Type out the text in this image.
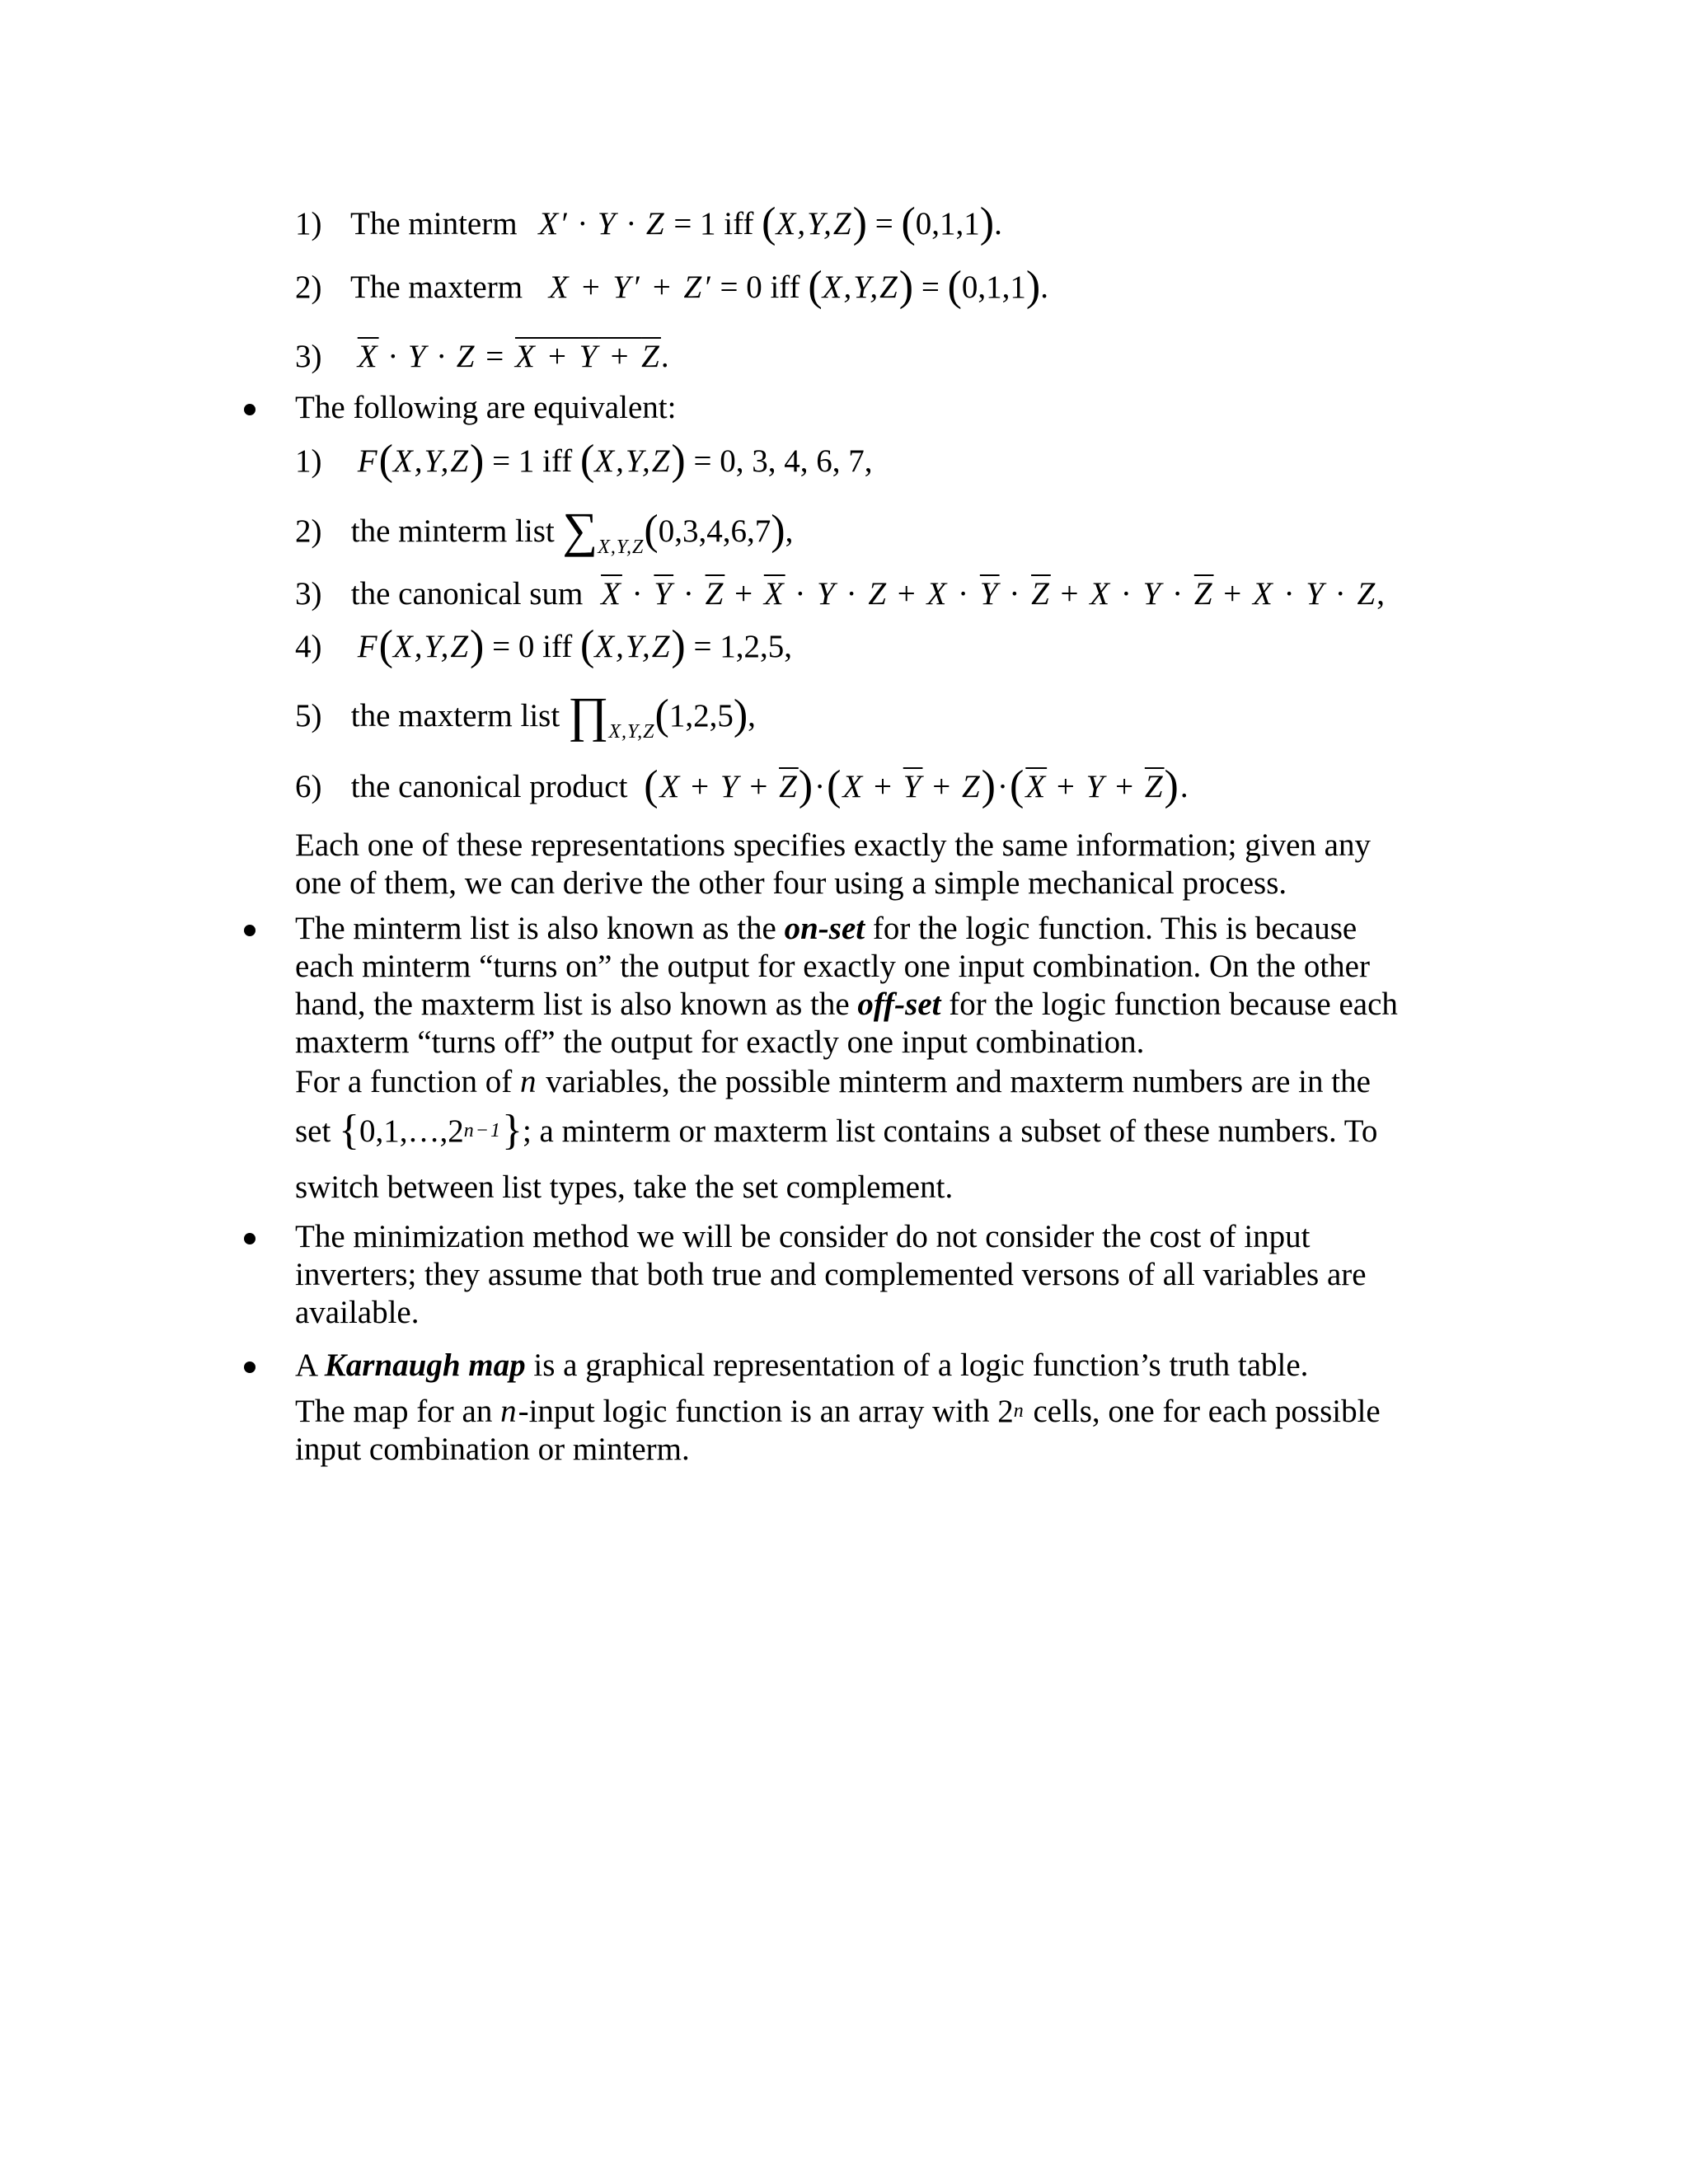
1) The minterm X′ · Y · Z = 1 iff (X,Y,Z) = (0,1,1).
2) The maxterm X + Y′ + Z′ = 0 iff (X,Y,Z) = (0,1,1).
3) $\overline{X} \cdot Y \cdot Z = X + Y + Z$.
The following are equivalent:
1) F(X,Y,Z) = 1 iff (X,Y,Z) = 0, 3, 4, 6, 7,
2) the minterm list $\sum_{X,Y,Z}(0,3,4,6,7)$,
3) the canonical sum $\overline{X} \cdot \overline{Y} \cdot \overline{Z} + \overline{X} \cdot Y \cdot Z + X \cdot \overline{Y} \cdot \overline{Z} + X \cdot Y \cdot \overline{Z} + X \cdot Y \cdot Z$,
4) F(X,Y,Z) = 0 iff (X,Y,Z) = 1,2,5,
5) the maxterm list $\prod_{X,Y,Z}(1,2,5)$,
6) the canonical product $(X + Y + \overline{Z})\cdot(X + \overline{Y} + Z)\cdot(\overline{X} + Y + \overline{Z})$.
Each one of these representations specifies exactly the same information; given any
one of them, we can derive the other four using a simple mechanical process.
The minterm list is also known as the on-set for the logic function. This is because
each minterm “turns on” the output for exactly one input combination. On the other
hand, the maxterm list is also known as the off-set for the logic function because each
maxterm “turns off” the output for exactly one input combination.
For a function of n variables, the possible minterm and maxterm numbers are in the
set $\{0,1,\dots,2^{n-1}\}$; a minterm or maxterm list contains a subset of these numbers. To
switch between list types, take the set complement.
The minimization method we will be consider do not consider the cost of input
inverters; they assume that both true and complemented versons of all variables are
available.
A Karnaugh map is a graphical representation of a logic function’s truth table.
The map for an n-input logic function is an array with 2$^n$ cells, one for each possible
input combination or minterm.
